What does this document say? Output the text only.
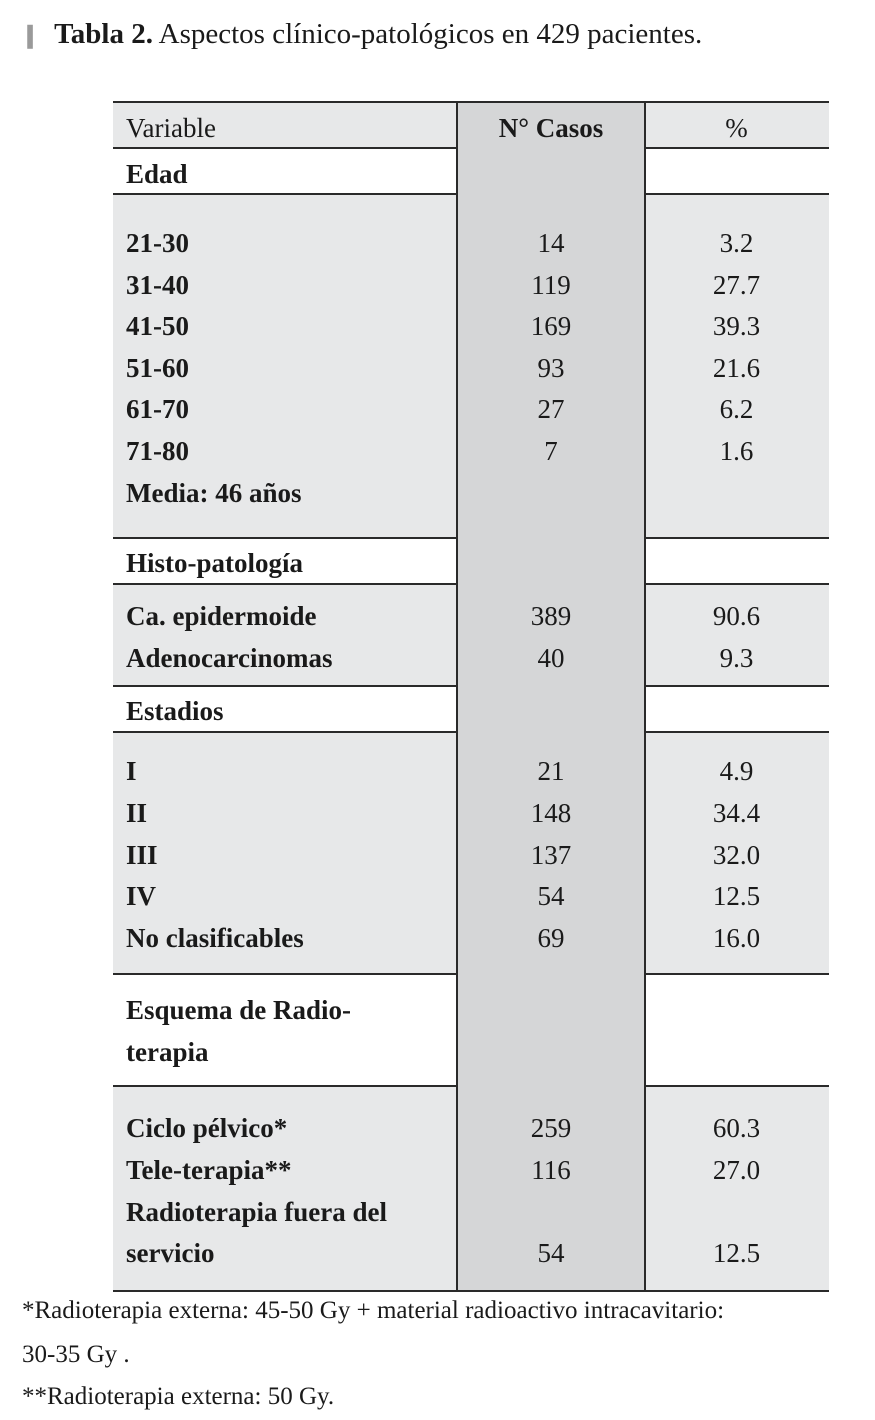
❚ Tabla 2. Aspectos clínico-patológicos en 429 pacientes.
Variable	N° Casos	%
Edad
21-30	14	3.2
31-40	119	27.7
41-50	169	39.3
51-60	93	21.6
61-70	27	6.2
71-80	7	1.6
Media: 46 años
Histo-patología
Ca. epidermoide	389	90.6
Adenocarcinomas	40	9.3
Estadios
I	21	4.9
II	148	34.4
III	137	32.0
IV	54	12.5
No clasificables	69	16.0
Esquema de Radio-
terapia
Ciclo pélvico*	259	60.3
Tele-terapia**	116	27.0
Radioterapia fuera del
servicio	54	12.5
*Radioterapia externa: 45-50 Gy + material radioactivo intracavitario:
30-35 Gy .
**Radioterapia externa: 50 Gy.
